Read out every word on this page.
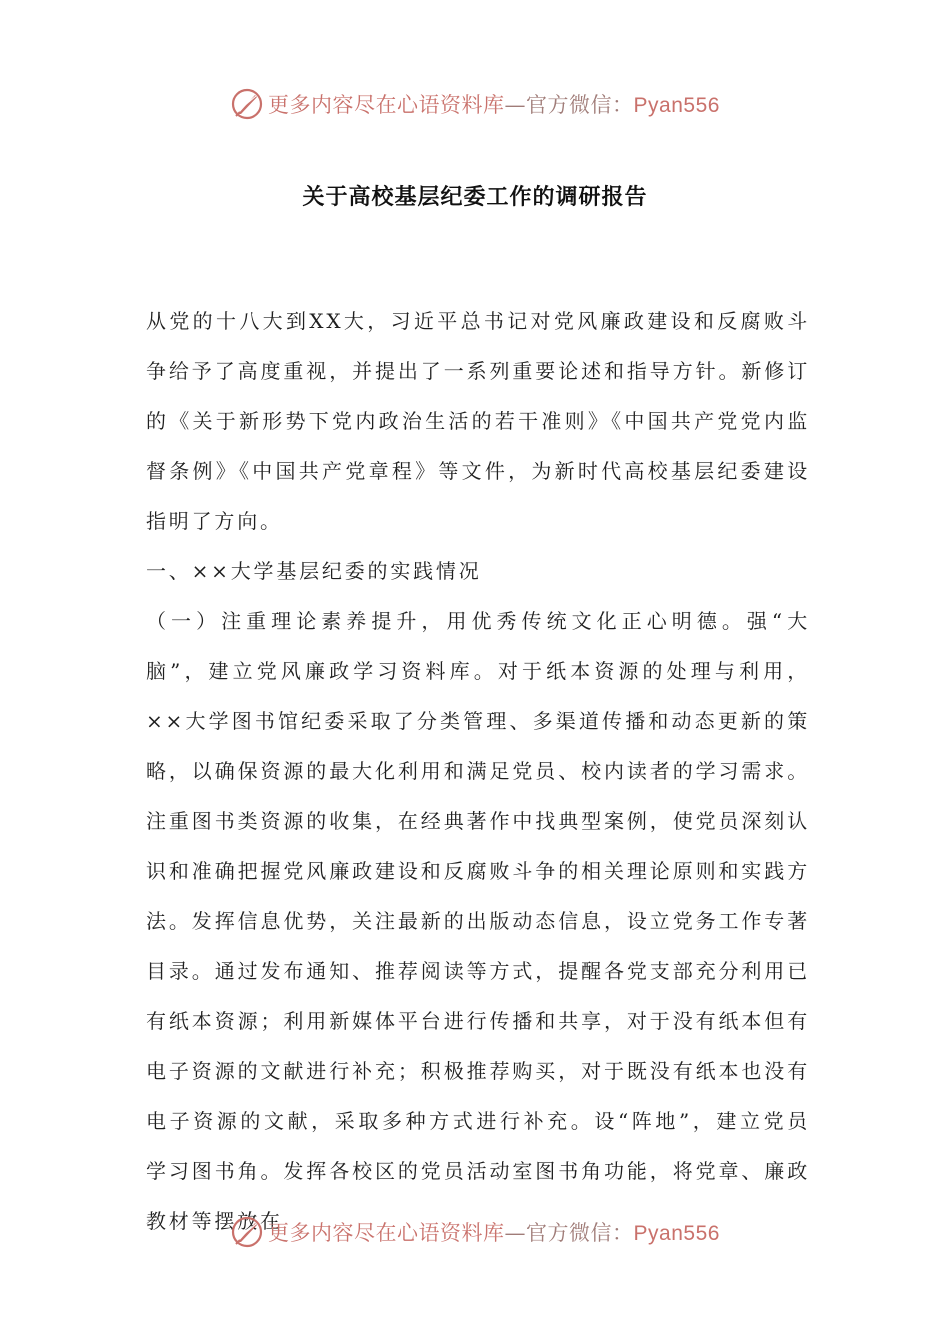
更多内容尽在心语资料库—官方微信：Pyan556
关于高校基层纪委工作的调研报告

从党的十八大到XX大，习近平总书记对党风廉政建设和反腐败斗争给予了高度重视，并提出了一系列重要论述和指导方针。新修订的《关于新形势下党内政治生活的若干准则》《中国共产党党内监督条例》《中国共产党章程》等文件，为新时代高校基层纪委建设指明了方向。

一、××大学基层纪委的实践情况

（一）注重理论素养提升，用优秀传统文化正心明德。强“大脑”，建立党风廉政学习资料库。对于纸本资源的处理与利用，××大学图书馆纪委采取了分类管理、多渠道传播和动态更新的策略，以确保资源的最大化利用和满足党员、校内读者的学习需求。注重图书类资源的收集，在经典著作中找典型案例，使党员深刻认识和准确把握党风廉政建设和反腐败斗争的相关理论原则和实践方法。发挥信息优势，关注最新的出版动态信息，设立党务工作专著目录。通过发布通知、推荐阅读等方式，提醒各党支部充分利用已有纸本资源；利用新媒体平台进行传播和共享，对于没有纸本但有电子资源的文献进行补充；积极推荐购买，对于既没有纸本也没有电子资源的文献，采取多种方式进行补充。设“阵地”，建立党员学习图书角。发挥各校区的党员活动室图书角功能，将党章、廉政教材等摆放在

更多内容尽在心语资料库—官方微信：Pyan556
